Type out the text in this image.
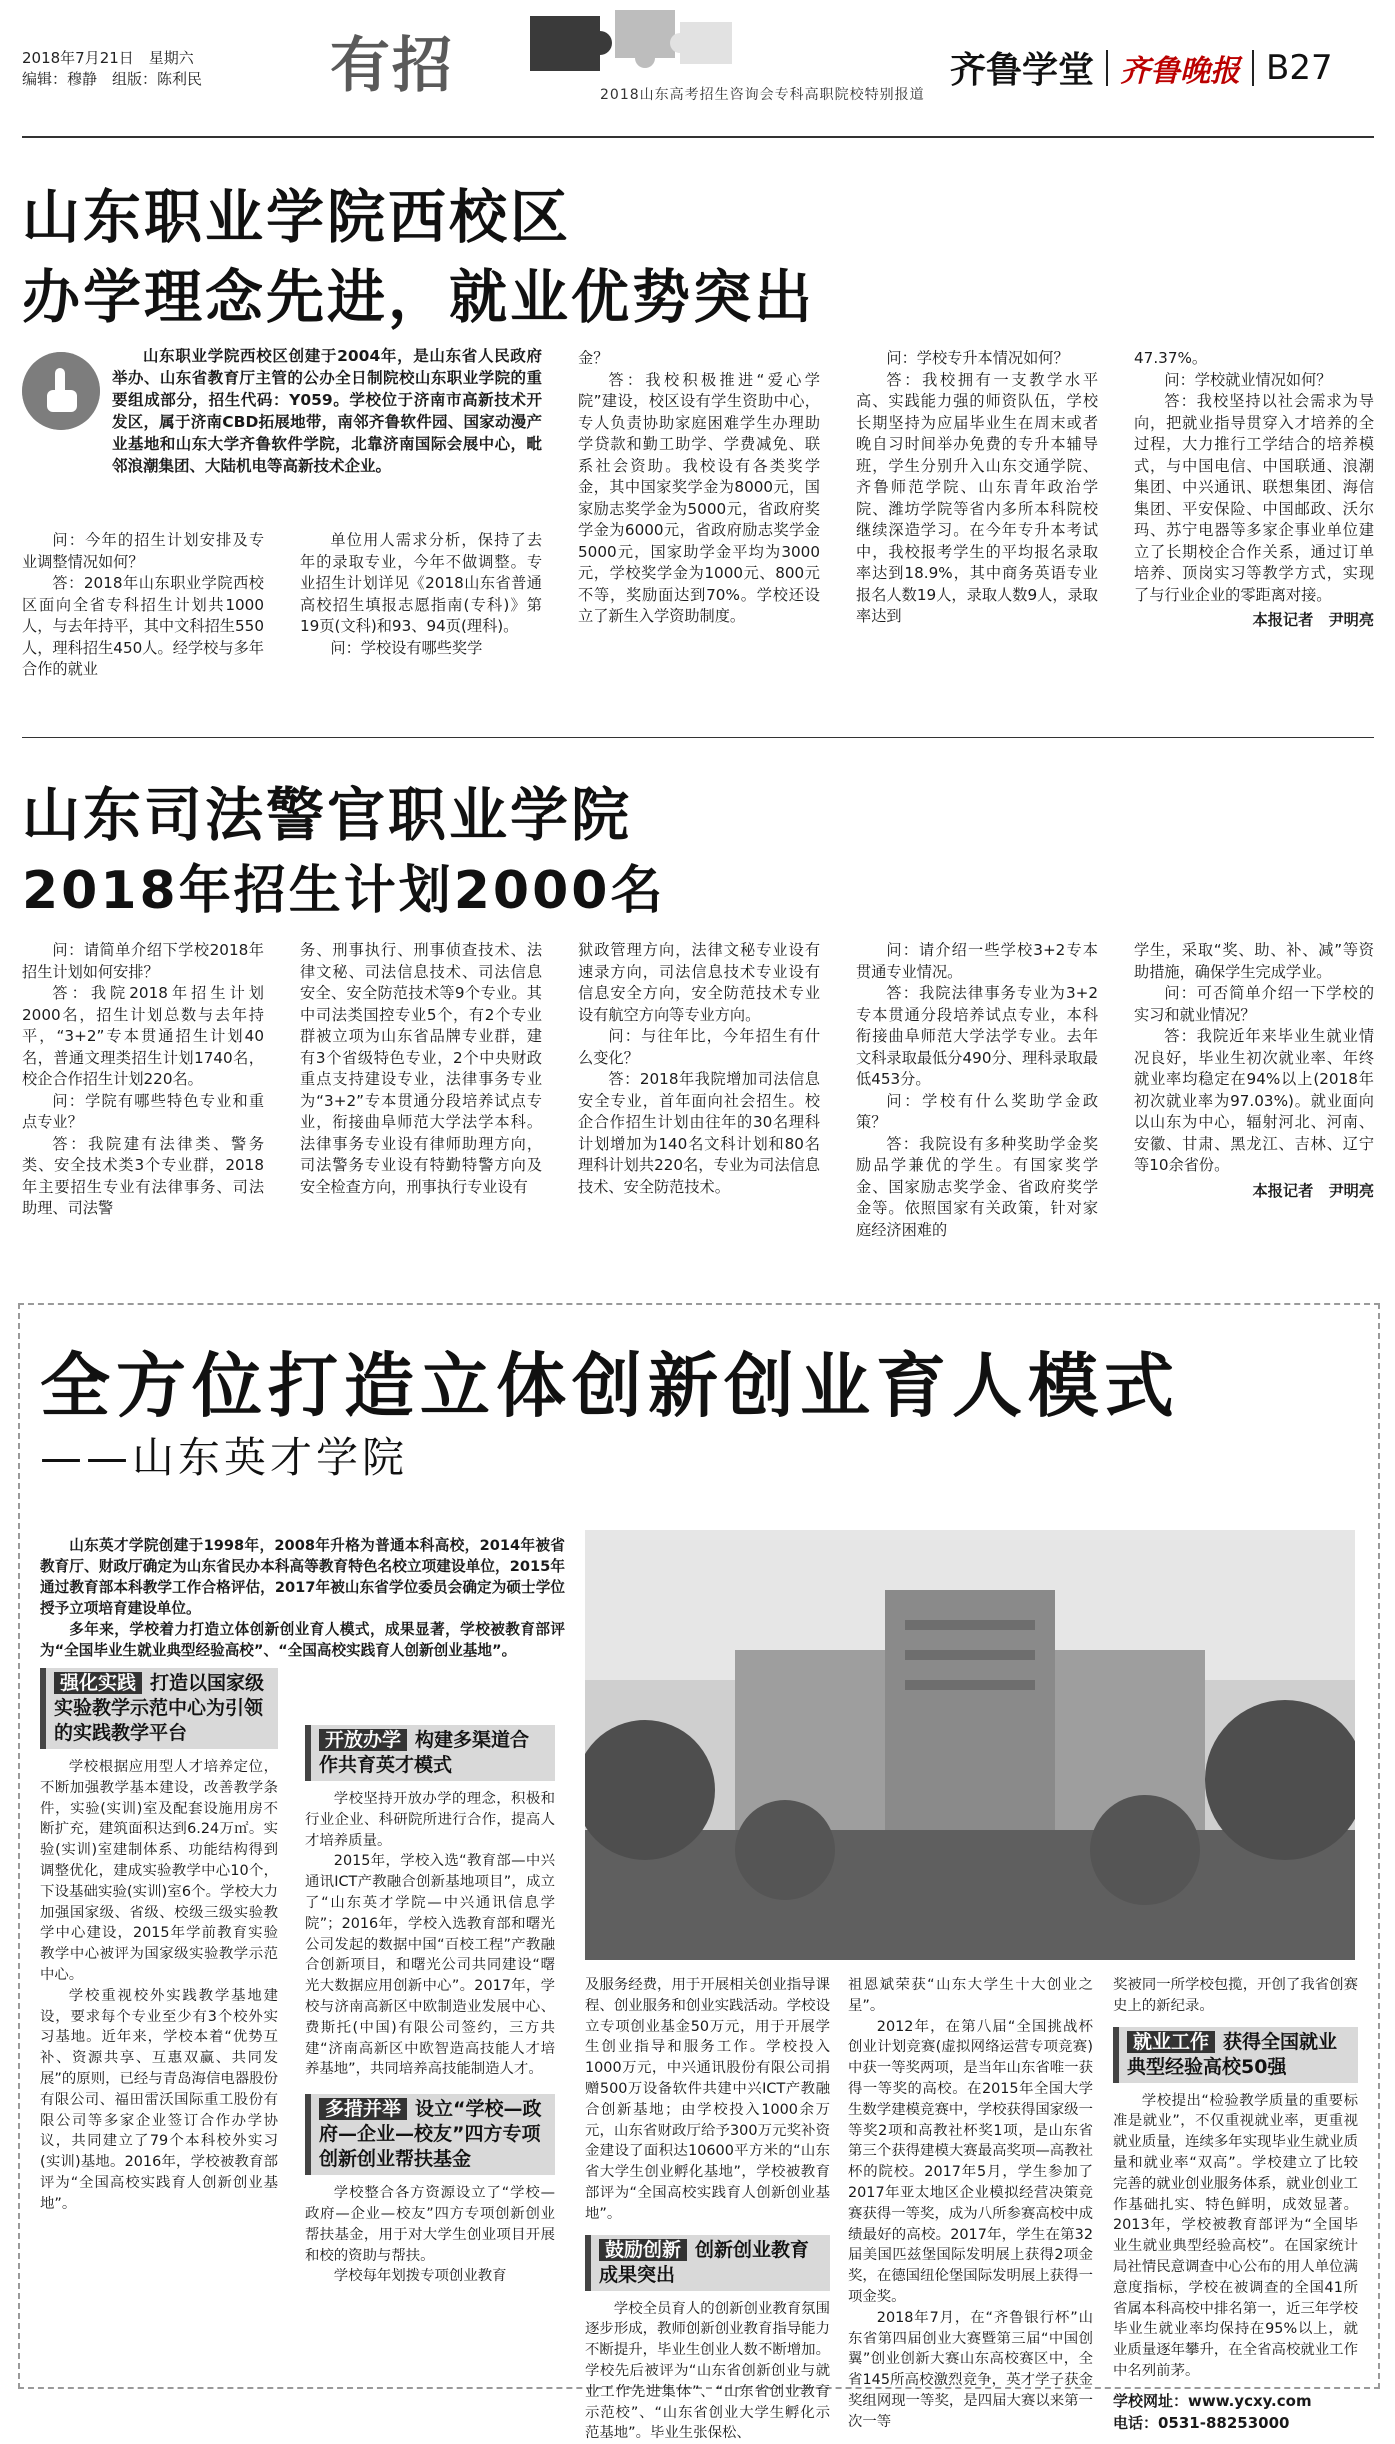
2018年7月21日　星期六
编辑：穆静　组版：陈利民 有招	2018山东高考招生咨询会专科高职院校特别报道
齐鲁学堂 齐鲁晚报 B27
山东职业学院西校区
办学理念先进，就业优势突出

山东职业学院西校区创建于2004年，是山东省人民政府举办、山东省教育厅主管的公办全日制院校山东职业学院的重要组成部分，招生代码：Y059。学校位于济南市高新技术开发区，属于济南CBD拓展地带，南邻齐鲁软件园、国家动漫产业基地和山东大学齐鲁软件学院，北靠济南国际会展中心，毗邻浪潮集团、大陆机电等高新技术企业。

问：今年的招生计划安排及专业调整情况如何？

答：2018年山东职业学院西校区面向全省专科招生计划共1000人，与去年持平，其中文科招生550人，理科招生450人。经学校与多年合作的就业

单位用人需求分析，保持了去年的录取专业，今年不做调整。专业招生计划详见《2018山东省普通高校招生填报志愿指南(专科)》第19页(文科)和93、94页(理科)。

问：学校设有哪些奖学

金？

答：我校积极推进“爱心学院”建设，校区设有学生资助中心，专人负责协助家庭困难学生办理助学贷款和勤工助学、学费减免、联系社会资助。我校设有各类奖学金，其中国家奖学金为8000元，国家励志奖学金为5000元，省政府奖学金为6000元，省政府励志奖学金5000元，国家助学金平均为3000元，学校奖学金为1000元、800元不等，奖励面达到70%。学校还设立了新生入学资助制度。

问：学校专升本情况如何？

答：我校拥有一支教学水平高、实践能力强的师资队伍，学校长期坚持为应届毕业生在周末或者晚自习时间举办免费的专升本辅导班，学生分别升入山东交通学院、齐鲁师范学院、山东青年政治学院、潍坊学院等省内多所本科院校继续深造学习。在今年专升本考试中，我校报考学生的平均报名录取率达到18.9%，其中商务英语专业报名人数19人，录取人数9人，录取率达到

47.37%。

问：学校就业情况如何？

答：我校坚持以社会需求为导向，把就业指导贯穿入才培养的全过程，大力推行工学结合的培养模式，与中国电信、中国联通、浪潮集团、中兴通讯、联想集团、海信集团、平安保险、中国邮政、沃尔玛、苏宁电器等多家企事业单位建立了长期校企合作关系，通过订单培养、顶岗实习等教学方式，实现了与行业企业的零距离对接。

本报记者　尹明亮
山东司法警官职业学院
2018年招生计划2000名

问：请简单介绍下学校2018年招生计划如何安排？

答：我院2018年招生计划2000名，招生计划总数与去年持平，“3+2”专本贯通招生计划40名，普通文理类招生计划1740名，校企合作招生计划220名。

问：学院有哪些特色专业和重点专业？

答：我院建有法律类、警务类、安全技术类3个专业群，2018年主要招生专业有法律事务、司法助理、司法警

务、刑事执行、刑事侦查技术、法律文秘、司法信息技术、司法信息安全、安全防范技术等9个专业。其中司法类国控专业5个，有2个专业群被立项为山东省品牌专业群，建有3个省级特色专业，2个中央财政重点支持建设专业，法律事务专业为“3+2”专本贯通分段培养试点专业，衔接曲阜师范大学法学本科。法律事务专业设有律师助理方向，司法警务专业设有特勤特警方向及安全检查方向，刑事执行专业设有

狱政管理方向，法律文秘专业设有速录方向，司法信息技术专业设有信息安全方向，安全防范技术专业设有航空方向等专业方向。

问：与往年比，今年招生有什么变化？

答：2018年我院增加司法信息安全专业，首年面向社会招生。校企合作招生计划由往年的30名理科计划增加为140名文科计划和80名理科计划共220名，专业为司法信息技术、安全防范技术。

问：请介绍一些学校3+2专本贯通专业情况。

答：我院法律事务专业为3+2专本贯通分段培养试点专业，本科衔接曲阜师范大学法学专业。去年文科录取最低分490分、理科录取最低453分。

问：学校有什么奖助学金政策？

答：我院设有多种奖助学金奖励品学兼优的学生。有国家奖学金、国家励志奖学金、省政府奖学金等。依照国家有关政策，针对家庭经济困难的

学生，采取“奖、助、补、减”等资助措施，确保学生完成学业。

问：可否简单介绍一下学校的实习和就业情况？

答：我院近年来毕业生就业情况良好，毕业生初次就业率、年终就业率均稳定在94%以上(2018年初次就业率为97.03%)。就业面向以山东为中心，辐射河北、河南、安徽、甘肃、黑龙江、吉林、辽宁等10余省份。

本报记者　尹明亮
全方位打造立体创新创业育人模式
——山东英才学院

山东英才学院创建于1998年，2008年升格为普通本科高校，2014年被省教育厅、财政厅确定为山东省民办本科高等教育特色名校立项建设单位，2015年通过教育部本科教学工作合格评估，2017年被山东省学位委员会确定为硕士学位授予立项培育建设单位。

多年来，学校着力打造立体创新创业育人模式，成果显著，学校被教育部评为“全国毕业生就业典型经验高校”、“全国高校实践育人创新创业基地”。

强化实践 打造以国家级实验教学示范中心为引领的实践教学平台

学校根据应用型人才培养定位，不断加强教学基本建设，改善教学条件，实验(实训)室及配套设施用房不断扩充，建筑面积达到6.24万㎡。实验(实训)室建制体系、功能结构得到调整优化，建成实验教学中心10个，下设基础实验(实训)室6个。学校大力加强国家级、省级、校级三级实验教学中心建设，2015年学前教育实验教学中心被评为国家级实验教学示范中心。

学校重视校外实践教学基地建设，要求每个专业至少有3个校外实习基地。近年来，学校本着“优势互补、资源共享、互惠双赢、共同发展”的原则，已经与青岛海信电器股份有限公司、福田雷沃国际重工股份有限公司等多家企业签订合作办学协议，共同建立了79个本科校外实习(实训)基地。2016年，学校被教育部评为“全国高校实践育人创新创业基地”。

开放办学 构建多渠道合作共育英才模式

学校坚持开放办学的理念，积极和行业企业、科研院所进行合作，提高人才培养质量。

2015年，学校入选“教育部—中兴通讯ICT产教融合创新基地项目”，成立了“山东英才学院—中兴通讯信息学院”；2016年，学校入选教育部和曙光公司发起的数据中国“百校工程”产教融合创新项目，和曙光公司共同建设“曙光大数据应用创新中心”。2017年，学校与济南高新区中欧制造业发展中心、费斯托(中国)有限公司签约，三方共建“济南高新区中欧智造高技能人才培养基地”，共同培养高技能制造人才。

多措并举 设立“学校—政府—企业—校友”四方专项创新创业帮扶基金

学校整合各方资源设立了“学校—政府—企业—校友”四方专项创新创业帮扶基金，用于对大学生创业项目开展和校的资助与帮扶。

学校每年划拨专项创业教育

及服务经费，用于开展相关创业指导课程、创业服务和创业实践活动。学校设立专项创业基金50万元，用于开展学生创业指导和服务工作。学校投入1000万元，中兴通讯股份有限公司捐赠500万设备软件共建中兴ICT产教融合创新基地；由学校投入1000余万元，山东省财政厅给予300万元奖补资金建设了面积达10600平方米的“山东省大学生创业孵化基地”，学校被教育部评为“全国高校实践育人创新创业基地”。

鼓励创新 创新创业教育成果突出

学校全员育人的创新创业教育氛围逐步形成，教师创新创业教育指导能力不断提升，毕业生创业人数不断增加。学校先后被评为“山东省创新创业与就业工作先进集体”、“山东省创业教育示范校”、“山东省创业大学生孵化示范基地”。毕业生张保松、

祖恩斌荣获“山东大学生十大创业之星”。

2012年，在第八届“全国挑战杯创业计划竞赛(虚拟网络运营专项竞赛)中获一等奖两项，是当年山东省唯一获得一等奖的高校。在2015年全国大学生数学建模竞赛中，学校获得国家级一等奖2项和高教社杯奖1项，是山东省第三个获得建模大赛最高奖项—高教社杯的院校。2017年5月，学生参加了2017年亚太地区企业模拟经营决策竞赛获得一等奖，成为八所参赛高校中成绩最好的高校。2017年，学生在第32届美国匹兹堡国际发明展上获得2项金奖，在德国纽伦堡国际发明展上获得一项金奖。

2018年7月，在“齐鲁银行杯”山东省第四届创业大赛暨第三届“中国创翼”创业创新大赛山东高校赛区中，全省145所高校激烈竞争，英才学子获金奖组网现一等奖，是四届大赛以来第一次一等

奖被同一所学校包揽，开创了我省创赛史上的新纪录。

就业工作 获得全国就业典型经验高校50强

学校提出“检验教学质量的重要标准是就业”，不仅重视就业率，更重视就业质量，连续多年实现毕业生就业质量和就业率“双高”。学校建立了比较完善的就业创业服务体系，就业创业工作基础扎实、特色鲜明，成效显著。2013年，学校被教育部评为“全国毕业生就业典型经验高校”。在国家统计局社情民意调查中心公布的用人单位满意度指标，学校在被调查的全国41所省属本科高校中排名第一，近三年学校毕业生就业率均保持在95%以上，就业质量逐年攀升，在全省高校就业工作中名列前茅。

学校网址：www.ycxy.com
电话：0531-88253000
